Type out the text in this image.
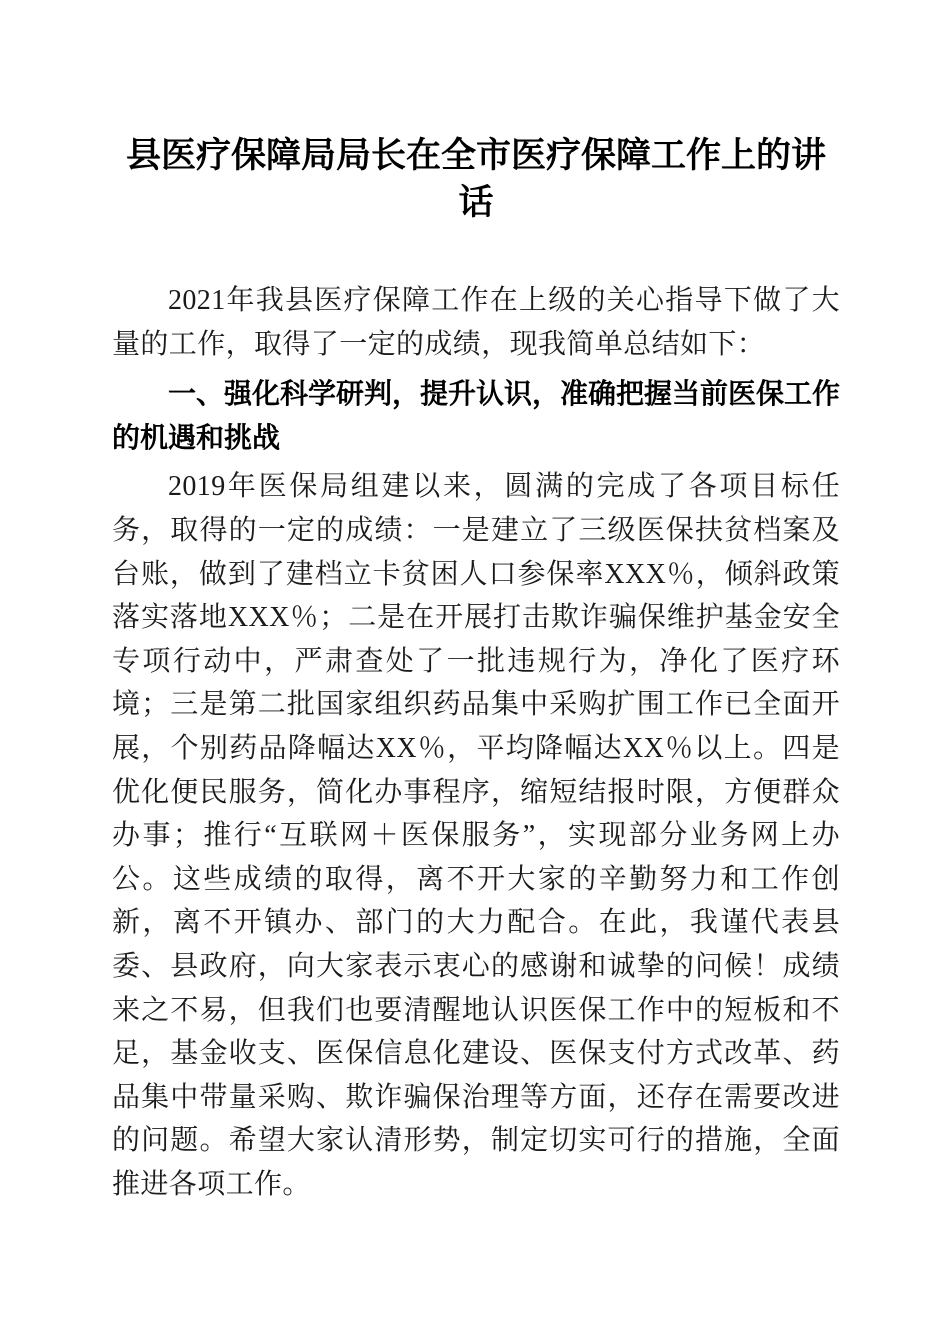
县医疗保障局局长在全市医疗保障工作上的讲话

2021年我县医疗保障工作在上级的关心指导下做了大量的工作，取得了一定的成绩，现我简单总结如下：

一、强化科学研判，提升认识，准确把握当前医保工作的机遇和挑战

2019年医保局组建以来，圆满的完成了各项目标任务，取得的一定的成绩：一是建立了三级医保扶贫档案及台账，做到了建档立卡贫困人口参保率XXX％，倾斜政策落实落地XXX％；二是在开展打击欺诈骗保维护基金安全专项行动中，严肃查处了一批违规行为，净化了医疗环境；三是第二批国家组织药品集中采购扩围工作已全面开展，个别药品降幅达XX％，平均降幅达XX％以上。四是优化便民服务，简化办事程序，缩短结报时限，方便群众办事；推行“互联网＋医保服务”，实现部分业务网上办公。这些成绩的取得，离不开大家的辛勤努力和工作创新，离不开镇办、部门的大力配合。在此，我谨代表县委、县政府，向大家表示衷心的感谢和诚挚的问候！成绩来之不易，但我们也要清醒地认识医保工作中的短板和不足，基金收支、医保信息化建设、医保支付方式改革、药品集中带量采购、欺诈骗保治理等方面，还存在需要改进的问题。希望大家认清形势，制定切实可行的措施，全面推进各项工作。
